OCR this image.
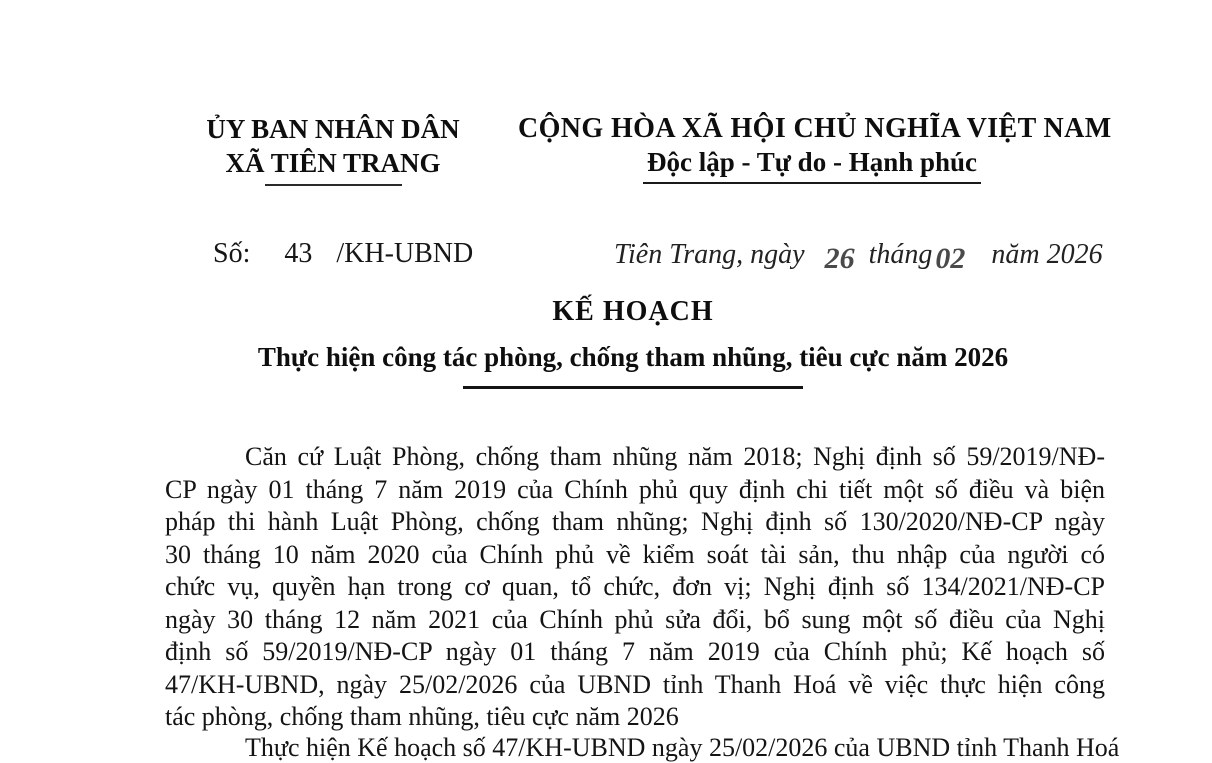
ỦY BAN NHÂN DÂN
XÃ TIÊN TRANG
CỘNG HÒA XÃ HỘI CHỦ NGHĨA VIỆT NAM
Độc lập - Tự do - Hạnh phúc
Số: 43 /KH-UBND	Tiên Trang, ngày 26 tháng 02 năm 2026
KẾ HOẠCH
Thực hiện công tác phòng, chống tham nhũng, tiêu cực năm 2026
Căn cứ Luật Phòng, chống tham nhũng năm 2018; Nghị định số 59/2019/NĐ-
CP ngày 01 tháng 7 năm 2019 của Chính phủ quy định chi tiết một số điều và biện
pháp thi hành Luật Phòng, chống tham nhũng; Nghị định số 130/2020/NĐ-CP ngày
30 tháng 10 năm 2020 của Chính phủ về kiểm soát tài sản, thu nhập của người có
chức vụ, quyền hạn trong cơ quan, tổ chức, đơn vị; Nghị định số 134/2021/NĐ-CP
ngày 30 tháng 12 năm 2021 của Chính phủ sửa đổi, bổ sung một số điều của Nghị
định số 59/2019/NĐ-CP ngày 01 tháng 7 năm 2019 của Chính phủ; Kế hoạch số
47/KH-UBND, ngày 25/02/2026 của UBND tỉnh Thanh Hoá về việc thực hiện công
tác phòng, chống tham nhũng, tiêu cực năm 2026
Thực hiện Kế hoạch số 47/KH-UBND ngày 25/02/2026 của UBND tỉnh Thanh Hoá
